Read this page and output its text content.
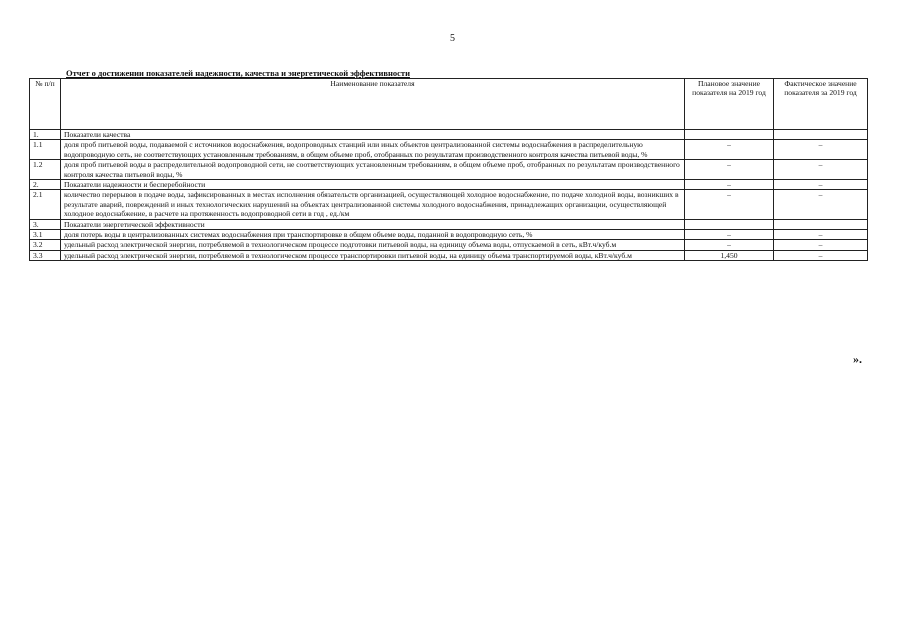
5
Отчет о достижении показателей надежности, качества и энергетической эффективности
№ п/п	Наименование показателя	Плановое значение показателя на 2019 год	Фактическое значение показателя за 2019 год
1.	Показатели качества		
1.1	доля проб питьевой воды, подаваемой с источников водоснабжения, водопроводных станций или иных объектов централизованной системы водоснабжения в распределительную водопроводную сеть, не соответствующих установленным требованиям, в общем объеме проб, отобранных по результатам производственного контроля качества питьевой воды, %	–	–
1.2	доля проб питьевой воды в распределительной водопроводной сети, не соответствующих установленным требованиям, в общем объеме проб, отобранных по результатам производственного контроля качества питьевой воды, %	–	–
2.	Показатели надежности и бесперебойности	–	–
2.1	количество перерывов в подаче воды, зафиксированных в местах исполнения обязательств организацией, осуществляющей холодное водоснабжение, по подаче холодной воды, возникших в результате аварий, повреждений и иных технологических нарушений на объектах централизованной системы холодного водоснабжения, принадлежащих организации, осуществляющей холодное водоснабжение, в расчете на протяженность водопроводной сети в год , ед./км	–	–
3.	Показатели энергетической эффективности		
3.1	доля потерь воды в централизованных системах водоснабжения при транспортировке в общем объеме воды, поданной в водопроводную сеть, %	–	–
3.2	удельный расход электрической энергии, потребляемой в технологическом процессе подготовки питьевой воды, на единицу объема воды, отпускаемой в сеть, кВт.ч/куб.м	–	–
3.3	удельный расход электрической энергии, потребляемой в технологическом процессе транспортировки питьевой воды, на единицу объема транспортируемой воды, кВт.ч/куб.м	1,450	–
».
